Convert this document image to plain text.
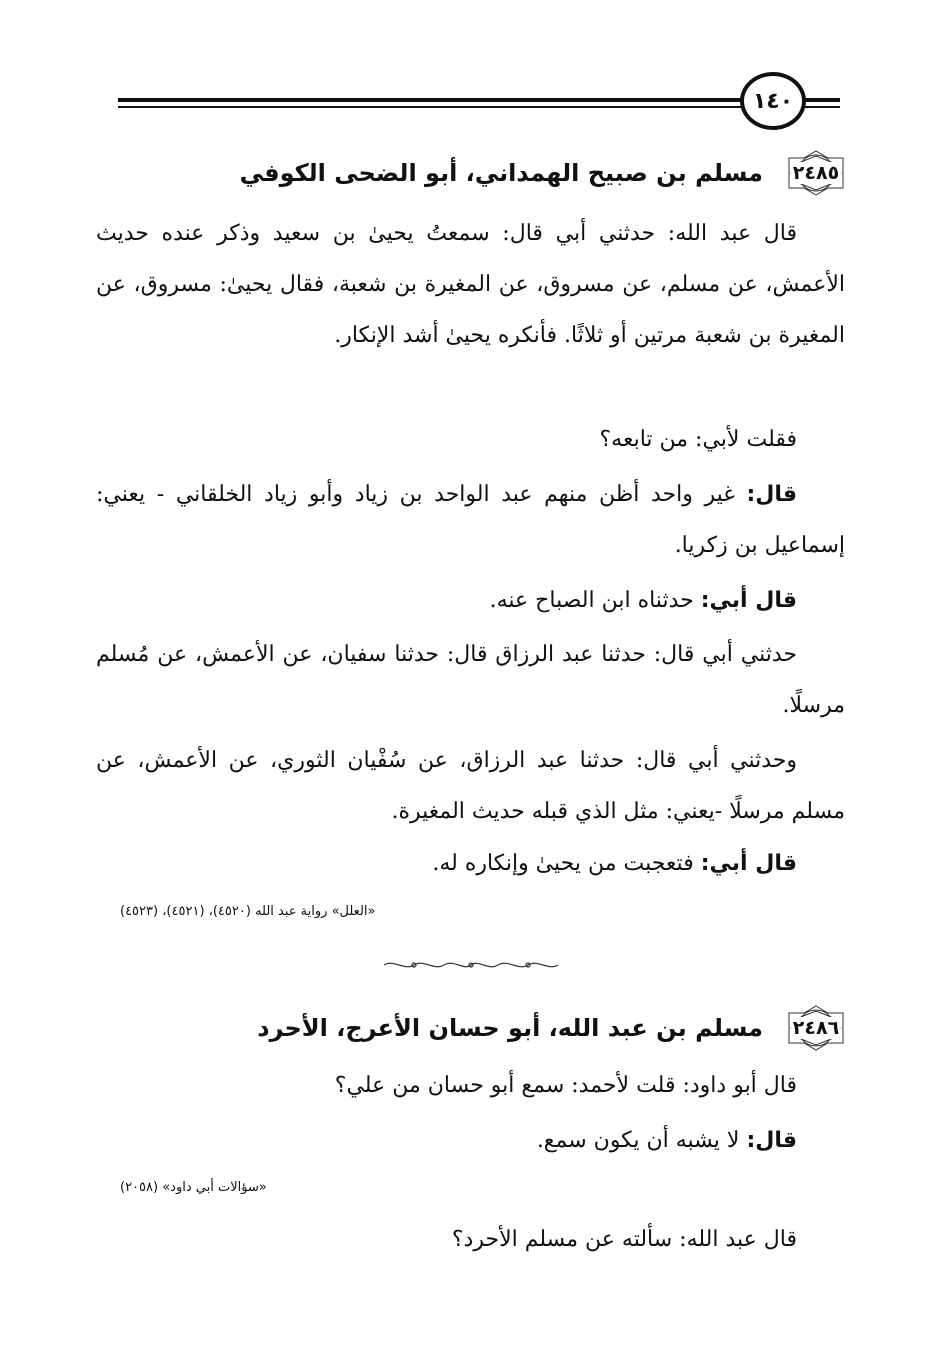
١٤٠
مسلم بن صبيح الهمداني، أبو الضحى الكوفي ٢٤٨٥
قال عبد الله: حدثني أبي قال: سمعتُ يحيىٰ بن سعيد وذكر عنده حديث الأعمش، عن مسلم، عن مسروق، عن المغيرة بن شعبة، فقال يحيىٰ: مسروق، عن المغيرة بن شعبة مرتين أو ثلاثًا. فأنكره يحيىٰ أشد الإنكار.
فقلت لأبي: من تابعه؟
قال: غير واحد أظن منهم عبد الواحد بن زياد وأبو زياد الخلقاني - يعني: إسماعيل بن زكريا.
قال أبي: حدثناه ابن الصباح عنه.
حدثني أبي قال: حدثنا عبد الرزاق قال: حدثنا سفيان، عن الأعمش، عن مُسلم مرسلًا.
وحدثني أبي قال: حدثنا عبد الرزاق، عن سُفْيان الثوري، عن الأعمش، عن مسلم مرسلًا -يعني: مثل الذي قبله حديث المغيرة.
قال أبي: فتعجبت من يحيىٰ وإنكاره له.
«العلل» رواية عبد الله (٤٥٢٠)، (٤٥٢١)، (٤٥٢٣)
مسلم بن عبد الله، أبو حسان الأعرج، الأحرد ٢٤٨٦
قال أبو داود: قلت لأحمد: سمع أبو حسان من علي؟
قال: لا يشبه أن يكون سمع.
«سؤالات أبي داود» (٢٠٥٨)
قال عبد الله: سألته عن مسلم الأحرد؟
